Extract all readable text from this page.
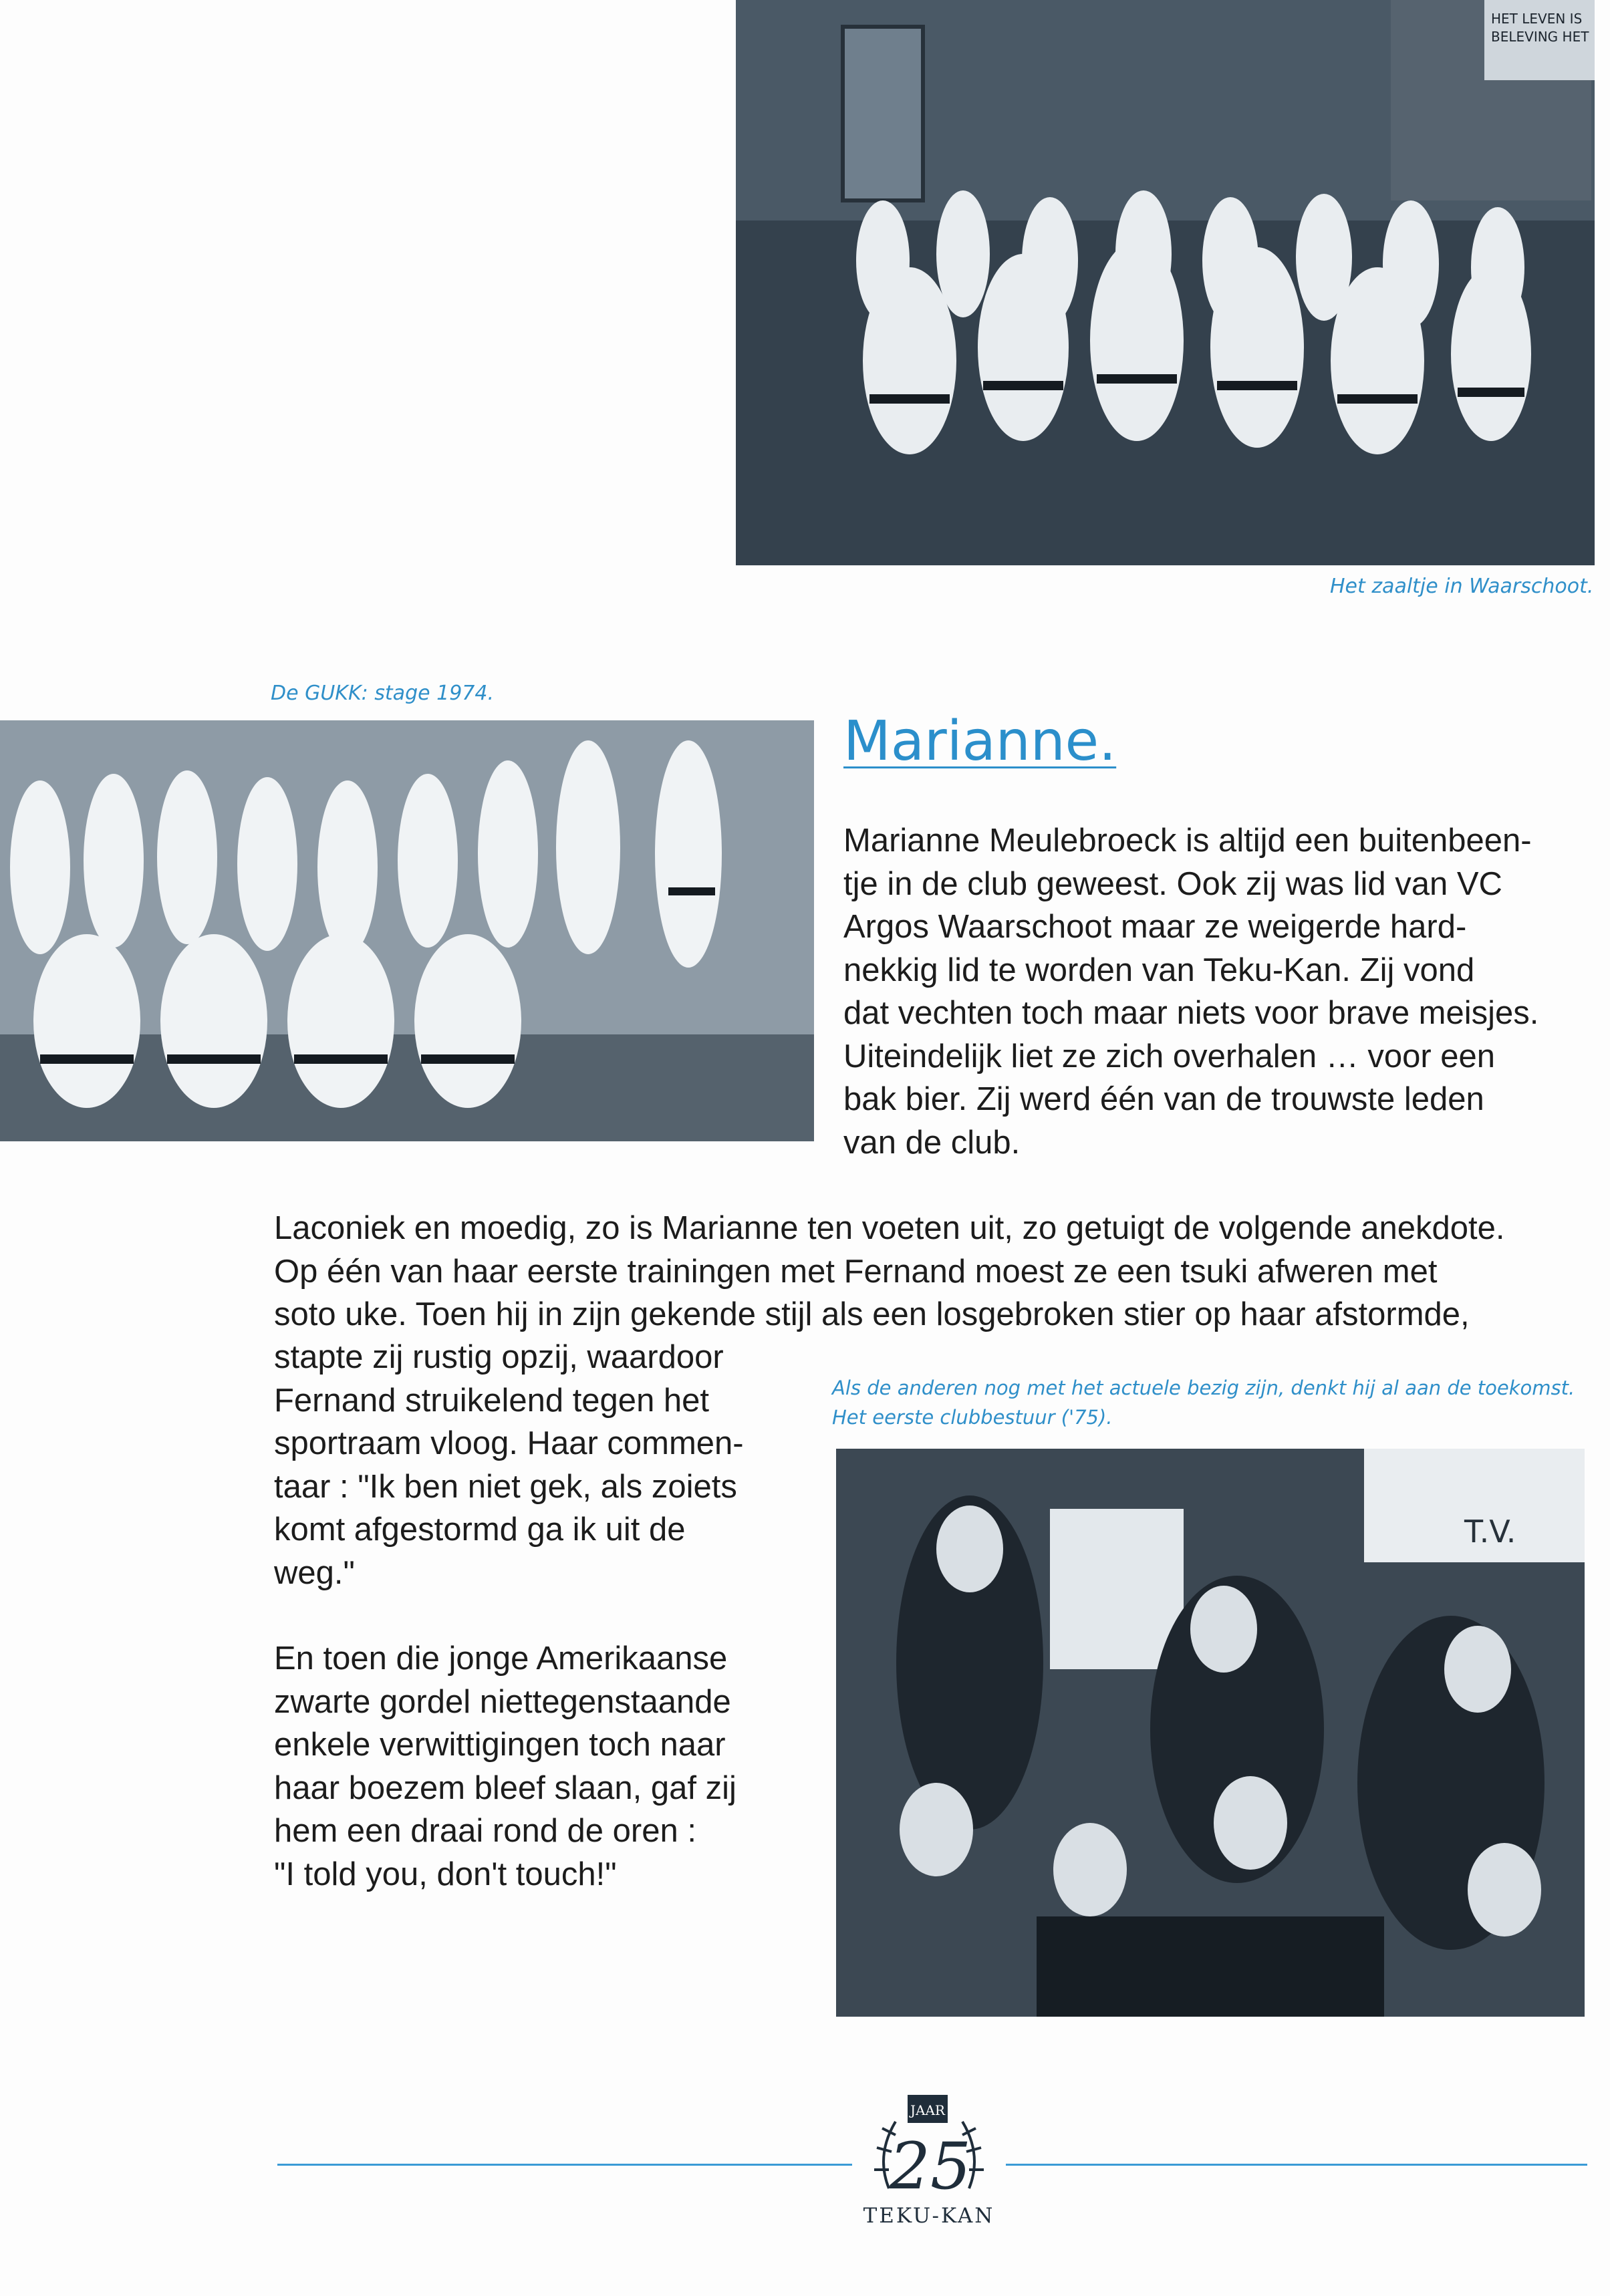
HET LEVEN IS
BELEVING HET
Het zaaltje in Waarschoot.
De GUKK: stage 1974.
Marianne.
Marianne Meulebroeck is altijd een buitenbeen-
tje in de club geweest. Ook zij was lid van VC
Argos Waarschoot maar ze weigerde hard-
nekkig lid te worden van Teku-Kan. Zij vond
dat vechten toch maar niets voor brave meisjes.
Uiteindelijk liet ze zich overhalen … voor een
bak bier. Zij werd één van de trouwste leden
van de club.
Laconiek en moedig, zo is Marianne ten voeten uit, zo getuigt de volgende anekdote.
Op één van haar eerste trainingen met Fernand moest ze een tsuki afweren met
soto uke. Toen hij in zijn gekende stijl als een losgebroken stier op haar afstormde,
stapte zij rustig opzij, waardoor
Fernand struikelend tegen het
sportraam vloog. Haar commen-
taar : "Ik ben niet gek, als zoiets
komt afgestormd ga ik uit de
weg."
En toen die jonge Amerikaanse
zwarte gordel niettegenstaande
enkele verwittigingen toch naar
haar boezem bleef slaan, gaf zij
hem een draai rond de oren :
"I told you, don't touch!"
Als de anderen nog met het actuele bezig zijn, denkt hij al aan de toekomst.
Het eerste clubbestuur ('75).
T.V.
JAAR
25
TEKU-KAN
